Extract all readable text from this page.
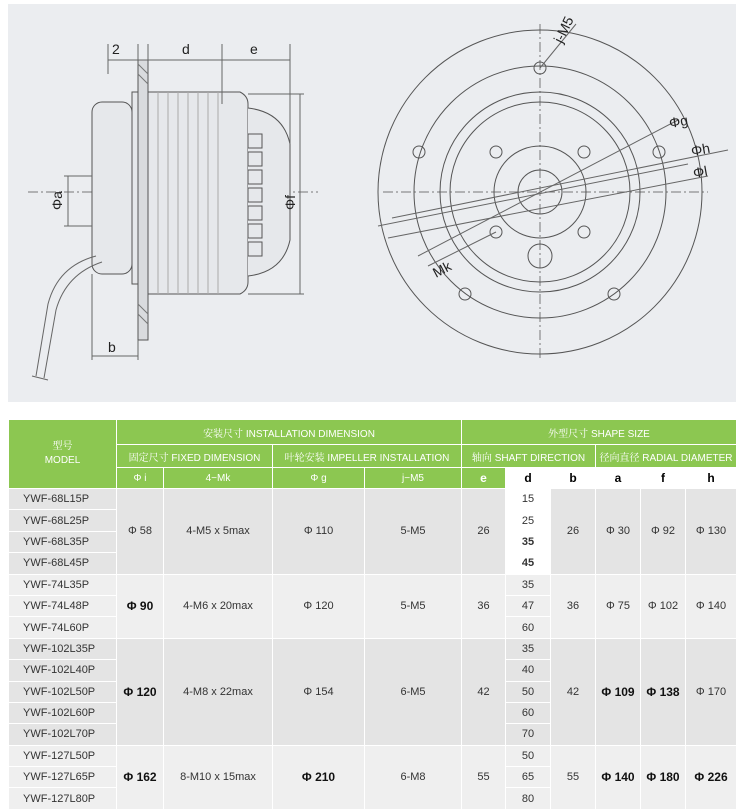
2	d	e
Φa	Φf
b
j-M5
Φg
Φh
Φl
Mk
型号
MODEL	安装尺寸 INSTALLATION DIMENSION				外型尺寸 SHAPE SIZE					
	固定尺寸 FIXED DIMENSION		叶轮安装 IMPELLER INSTALLATION		轴向 SHAFT DIRECTION			径向直径 RADIAL DIAMETER		
	Φ i	4−Mk	Φ g	j−M5	e	d	b	a	f	h
YWF-68L15P	Φ 58	4-M5 x 5max	Φ 110	5-M5	26	15	26	Φ 30	Φ 92	Φ 130
YWF-68L25P						25				
YWF-68L35P						35				
YWF-68L45P						45				
YWF-74L35P	Φ 90	4-M6 x 20max	Φ 120	5-M5	36	35	36	Φ 75	Φ 102	Φ 140
YWF-74L48P						47				
YWF-74L60P						60				
YWF-102L35P	Φ 120	4-M8 x 22max	Φ 154	6-M5	42	35	42	Φ 109	Φ 138	Φ 170
YWF-102L40P						40				
YWF-102L50P						50				
YWF-102L60P						60				
YWF-102L70P						70				
YWF-127L50P	Φ 162	8-M10 x 15max	Φ 210	6-M8	55	50	55	Φ 140	Φ 180	Φ 226
YWF-127L65P						65				
YWF-127L80P						80				
